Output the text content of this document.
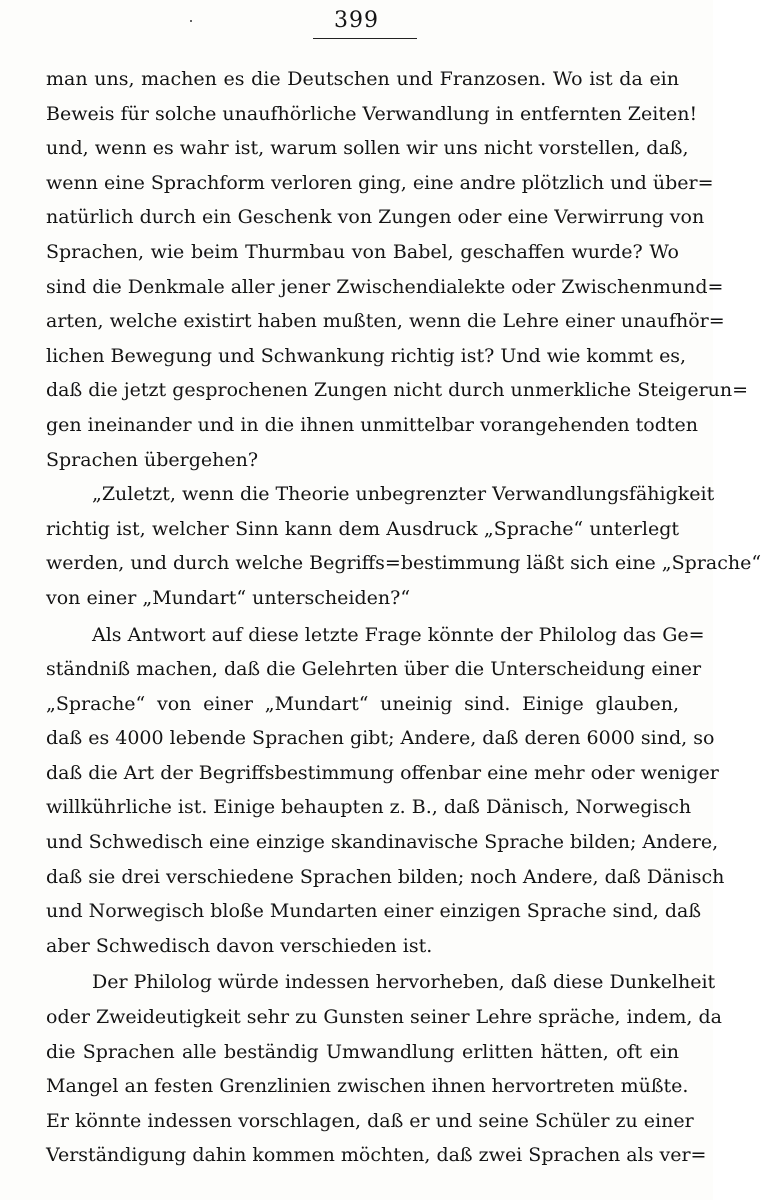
399
man uns, machen es die Deutschen und Franzosen. Wo ist da ein
Beweis für solche unaufhörliche Verwandlung in entfernten Zeiten!
und, wenn es wahr ist, warum sollen wir uns nicht vorstellen, daß,
wenn eine Sprachform verloren ging, eine andre plötzlich und über=
natürlich durch ein Geschenk von Zungen oder eine Verwirrung von
Sprachen, wie beim Thurmbau von Babel, geschaffen wurde? Wo
sind die Denkmale aller jener Zwischendialekte oder Zwischenmund=
arten, welche existirt haben mußten, wenn die Lehre einer unaufhör=
lichen Bewegung und Schwankung richtig ist? Und wie kommt es,
daß die jetzt gesprochenen Zungen nicht durch unmerkliche Steigerun=
gen ineinander und in die ihnen unmittelbar vorangehenden todten
Sprachen übergehen?
„Zuletzt, wenn die Theorie unbegrenzter Verwandlungsfähigkeit
richtig ist, welcher Sinn kann dem Ausdruck „Sprache“ unterlegt
werden, und durch welche Begriffs=bestimmung läßt sich eine „Sprache“
von einer „Mundart“ unterscheiden?“
Als Antwort auf diese letzte Frage könnte der Philolog das Ge=
ständniß machen, daß die Gelehrten über die Unterscheidung einer
„Sprache“ von einer „Mundart“ uneinig sind. Einige glauben,
daß es 4000 lebende Sprachen gibt; Andere, daß deren 6000 sind, so
daß die Art der Begriffsbestimmung offenbar eine mehr oder weniger
willkührliche ist. Einige behaupten z. B., daß Dänisch, Norwegisch
und Schwedisch eine einzige skandinavische Sprache bilden; Andere,
daß sie drei verschiedene Sprachen bilden; noch Andere, daß Dänisch
und Norwegisch bloße Mundarten einer einzigen Sprache sind, daß
aber Schwedisch davon verschieden ist.
Der Philolog würde indessen hervorheben, daß diese Dunkelheit
oder Zweideutigkeit sehr zu Gunsten seiner Lehre spräche, indem, da
die Sprachen alle beständig Umwandlung erlitten hätten, oft ein
Mangel an festen Grenzlinien zwischen ihnen hervortreten müßte.
Er könnte indessen vorschlagen, daß er und seine Schüler zu einer
Verständigung dahin kommen möchten, daß zwei Sprachen als ver=
